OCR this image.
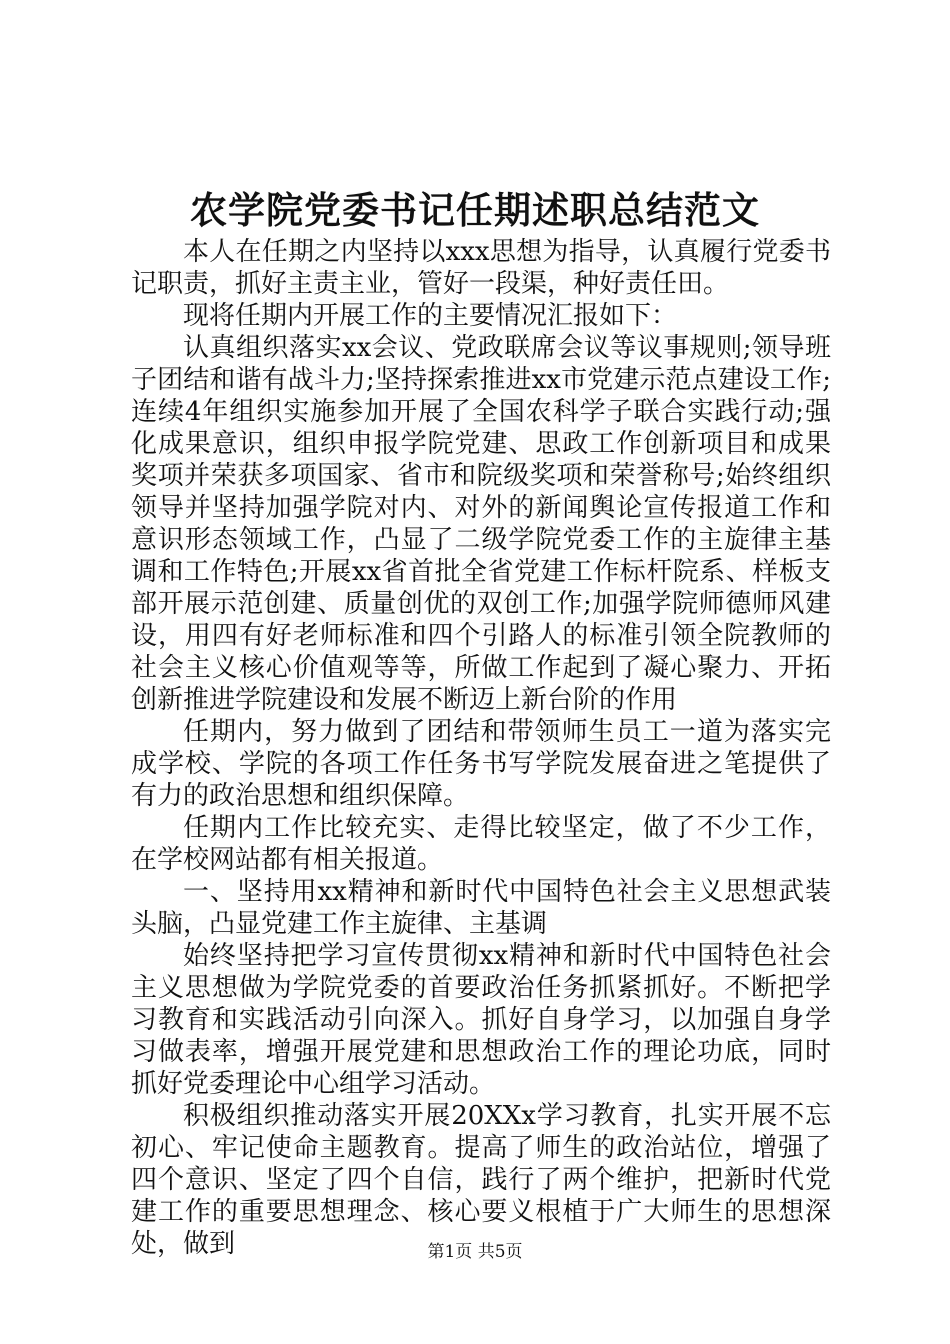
农学院党委书记任期述职总结范文

本人在任期之内坚持以xxx思想为指导，认真履行党委书记职责，抓好主责主业，管好一段渠，种好责任田。

现将任期内开展工作的主要情况汇报如下：

认真组织落实xx会议、党政联席会议等议事规则;领导班子团结和谐有战斗力;坚持探索推进xx市党建示范点建设工作;连续4年组织实施参加开展了全国农科学子联合实践行动;强化成果意识，组织申报学院党建、思政工作创新项目和成果奖项并荣获多项国家、省市和院级奖项和荣誉称号;始终组织领导并坚持加强学院对内、对外的新闻舆论宣传报道工作和意识形态领域工作，凸显了二级学院党委工作的主旋律主基调和工作特色;开展xx省首批全省党建工作标杆院系、样板支部开展示范创建、质量创优的双创工作;加强学院师德师风建设，用四有好老师标准和四个引路人的标准引领全院教师的社会主义核心价值观等等，所做工作起到了凝心聚力、开拓创新推进学院建设和发展不断迈上新台阶的作用

任期内，努力做到了团结和带领师生员工一道为落实完成学校、学院的各项工作任务书写学院发展奋进之笔提供了有力的政治思想和组织保障。

任期内工作比较充实、走得比较坚定，做了不少工作，在学校网站都有相关报道。

一、坚持用xx精神和新时代中国特色社会主义思想武装头脑，凸显党建工作主旋律、主基调

始终坚持把学习宣传贯彻xx精神和新时代中国特色社会主义思想做为学院党委的首要政治任务抓紧抓好。不断把学习教育和实践活动引向深入。抓好自身学习，以加强自身学习做表率，增强开展党建和思想政治工作的理论功底，同时抓好党委理论中心组学习活动。

积极组织推动落实开展20XXx学习教育，扎实开展不忘初心、牢记使命主题教育。提高了师生的政治站位，增强了四个意识、坚定了四个自信，践行了两个维护，把新时代党建工作的重要思想理念、核心要义根植于广大师生的思想深处，做到	第1页 共5页
